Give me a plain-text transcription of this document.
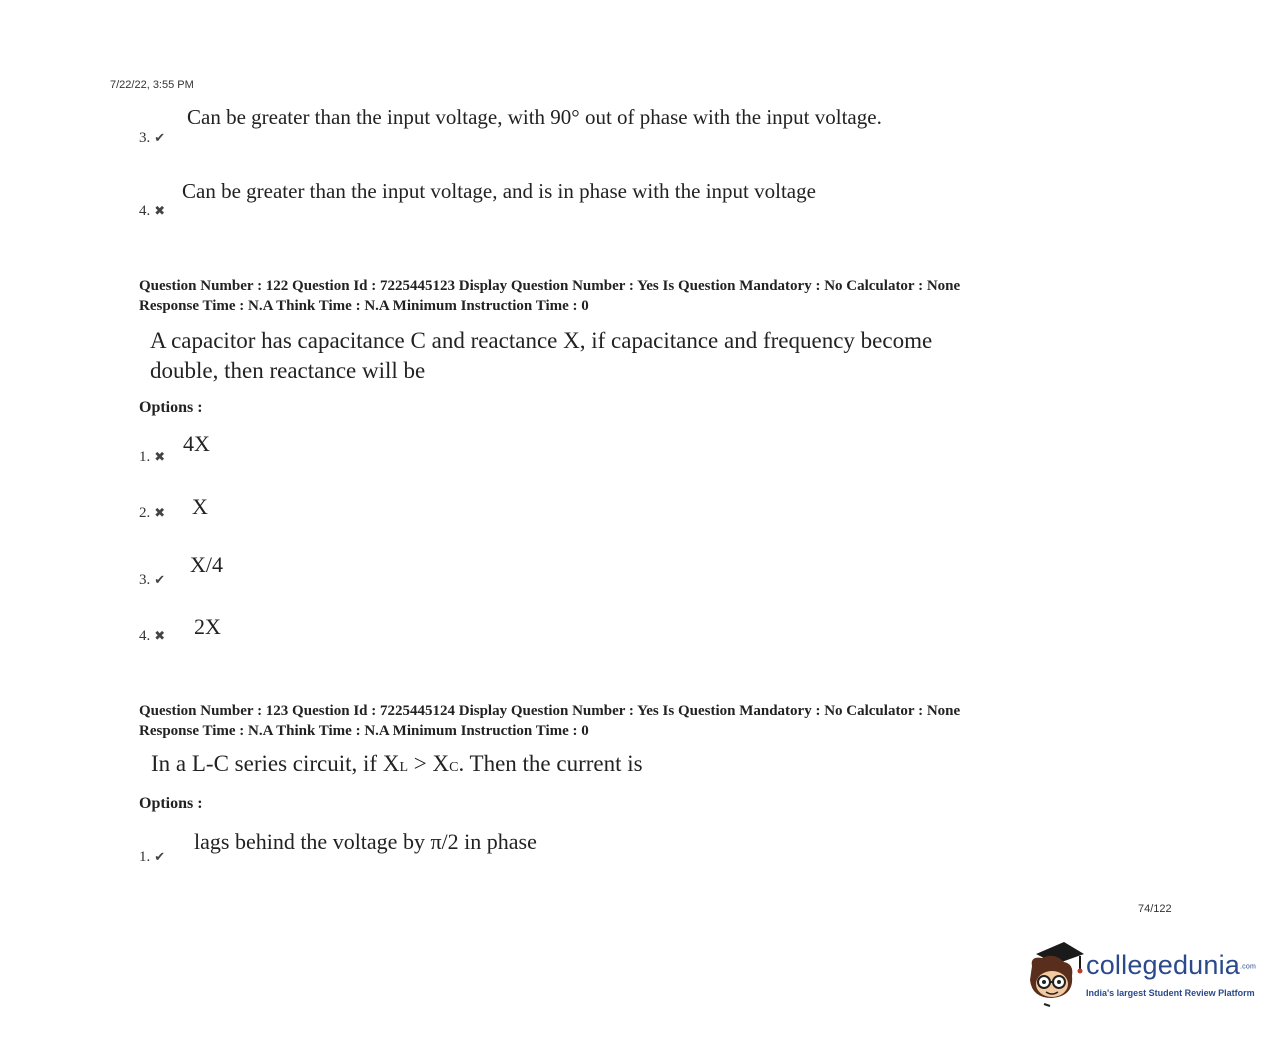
7/22/22, 3:55 PM
3. ✔
Can be greater than the input voltage, with 90° out of phase with the input voltage.
4. ✖
Can be greater than the input voltage, and is in phase with the input voltage
Question Number : 122 Question Id : 7225445123 Display Question Number : Yes Is Question Mandatory : No Calculator : None
Response Time : N.A Think Time : N.A Minimum Instruction Time : 0
A capacitor has capacitance C and reactance X, if capacitance and frequency become
double, then reactance will be
Options :
1. ✖
4X
2. ✖ X
3. ✔
X/4
4. ✖ 2X
Question Number : 123 Question Id : 7225445124 Display Question Number : Yes Is Question Mandatory : No Calculator : None
Response Time : N.A Think Time : N.A Minimum Instruction Time : 0
In a L-C series circuit, if XL > XC. Then the current is
Options :
1. ✔
lags behind the voltage by π/2 in phase
74/122
collegedunia.com
India's largest Student Review Platform
